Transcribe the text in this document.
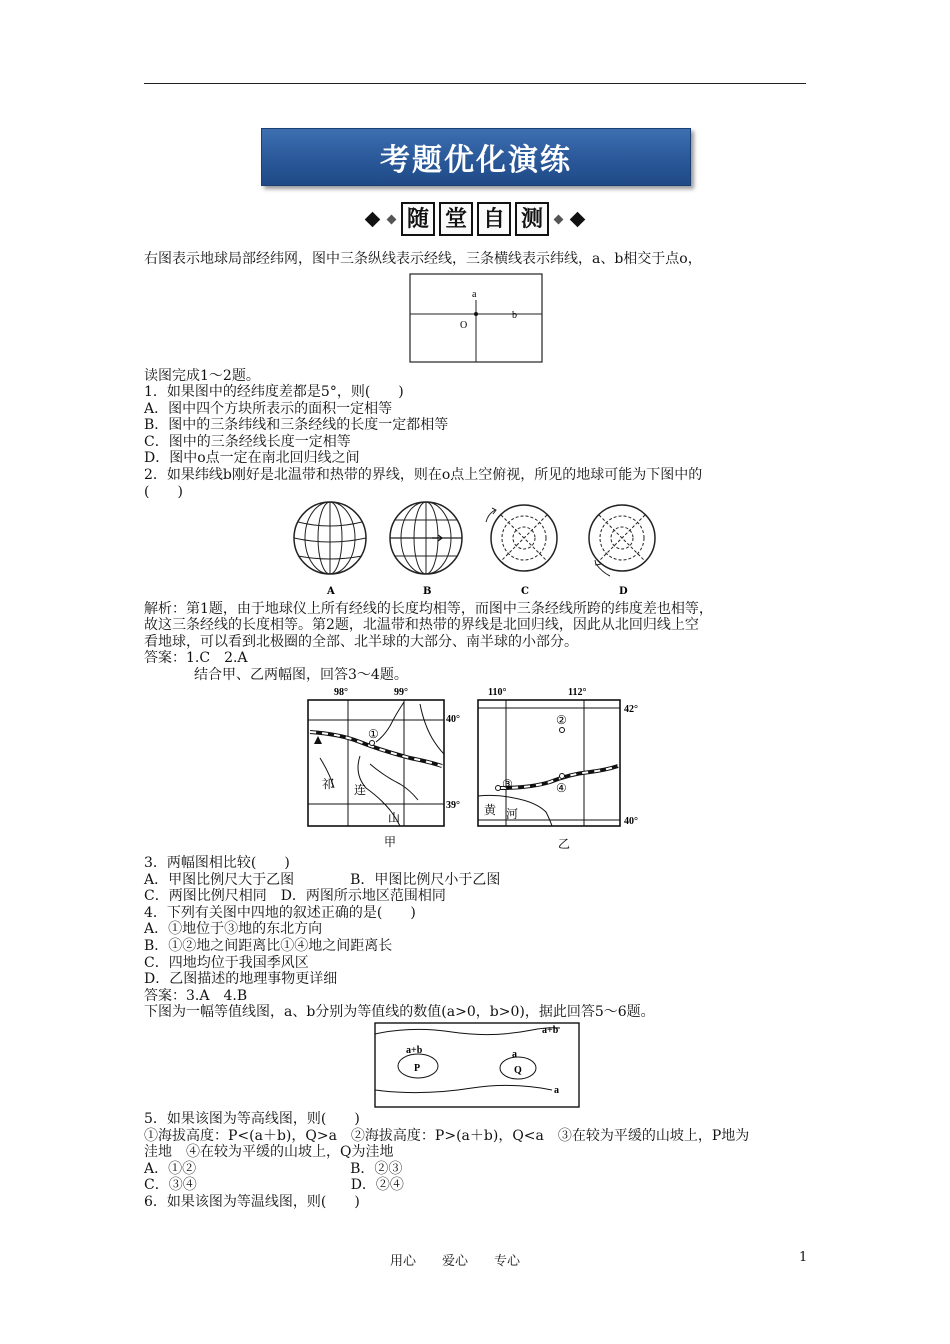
考题优化演练
随 堂 自 测
右图表示地球局部经纬网，图中三条纵线表示经线，三条横线表示纬线，a、b相交于点o，
a
b
O
读图完成1～2题。
1．如果图中的经纬度差都是5°，则(　　)
A．图中四个方块所表示的面积一定相等
B．图中的三条纬线和三条经线的长度一定都相等
C．图中的三条经线长度一定相等
D．图中o点一定在南北回归线之间
2．如果纬线b刚好是北温带和热带的界线，则在o点上空俯视，所见的地球可能为下图中的
(　　)
A	B	C	D
解析：第1题，由于地球仪上所有经线的长度均相等，而图中三条经线所跨的纬度差也相等，
故这三条经线的长度相等。第2题，北温带和热带的界线是北回归线，因此从北回归线上空
看地球，可以看到北极圈的全部、北半球的大部分、南半球的小部分。
答案：1.C　2.A
结合甲、乙两幅图，回答3～4题。
98°	99°
40°
39°
110°	112°
42°
40°
①
祁 连
山
甲
②
③	④
黄 河
乙
3．两幅图相比较(　　)
A．甲图比例尺大于乙图　　　　B．甲图比例尺小于乙图
C．两图比例尺相同　D．两图所示地区范围相同
4．下列有关图中四地的叙述正确的是(　　)
A．①地位于③地的东北方向
B．①②地之间距离比①④地之间距离长
C．四地均位于我国季风区
D．乙图描述的地理事物更详细
答案：3.A　4.B
下图为一幅等值线图，a、b分别为等值线的数值(a>0，b>0)，据此回答5～6题。
a+b
a+b
P
a
Q
a
5．如果该图为等高线图，则(　　)
①海拔高度：P<(a＋b)，Q>a　②海拔高度：P>(a＋b)，Q<a　③在较为平缓的山坡上，P地为
洼地　④在较为平缓的山坡上，Q为洼地
A．①②　　　　　　　　　　　B．②③
C．③④　　　　　　　　　　　D．②④
6．如果该图为等温线图，则(　　)
用心　　爱心　　专心	1
